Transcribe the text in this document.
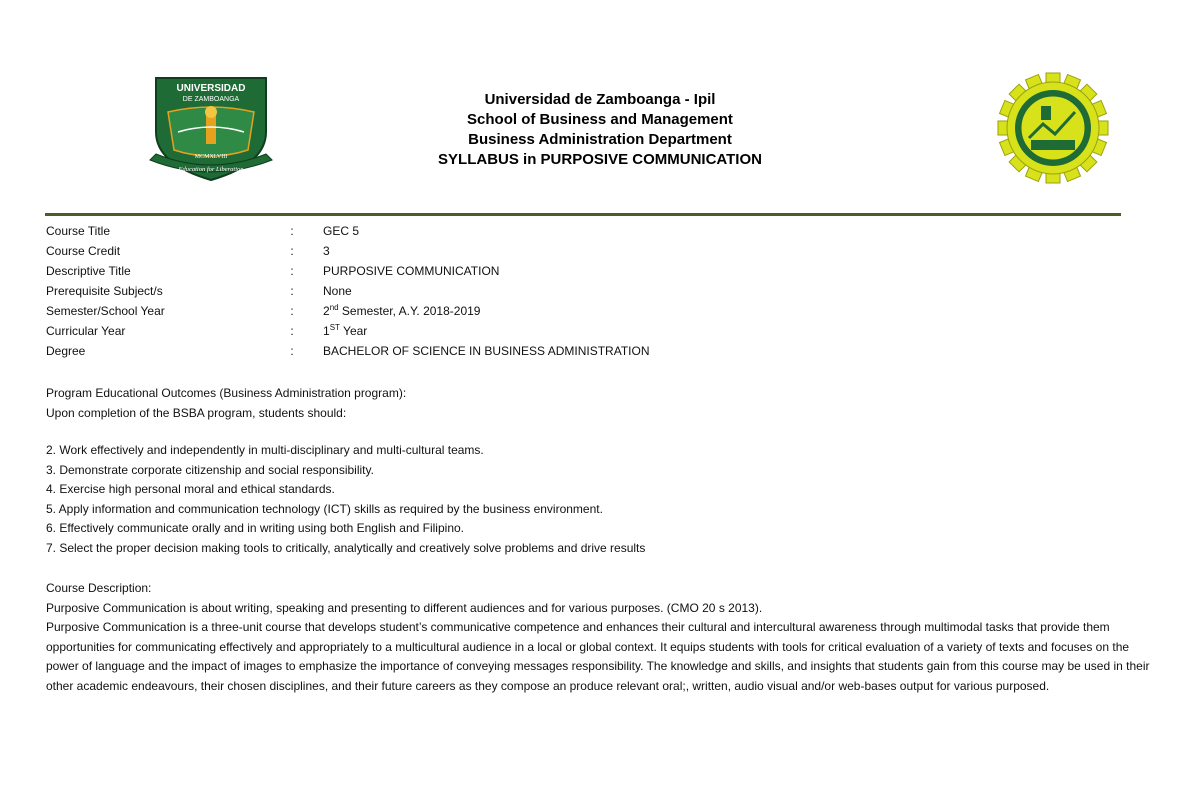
UNIVERSIDAD
DE ZAMBOANGA
MCMXLVIII
Education for Liberation
Universidad de Zamboanga - Ipil
School of Business and Management
Business Administration Department
SYLLABUS in PURPOSIVE COMMUNICATION
Course Title	:	GEC 5
Course Credit	:	3
Descriptive Title	:	PURPOSIVE COMMUNICATION
Prerequisite Subject/s	:	None
Semester/School Year	:	2nd Semester, A.Y. 2018-2019
Curricular Year	:	1ST Year
Degree	:	BACHELOR OF SCIENCE IN BUSINESS ADMINISTRATION
Program Educational Outcomes (Business Administration program):
Upon completion of the BSBA program, students should:
2. Work effectively and independently in multi-disciplinary and multi-cultural teams.
3. Demonstrate corporate citizenship and social responsibility.
4. Exercise high personal moral and ethical standards.
5. Apply information and communication technology (ICT) skills as required by the business environment.
6. Effectively communicate orally and in writing using both English and Filipino.
7. Select the proper decision making tools to critically, analytically and creatively solve problems and drive results

Course Description:

Purposive Communication is about writing, speaking and presenting to different audiences and for various purposes. (CMO 20 s 2013).

Purposive Communication is a three-unit course that develops student’s communicative competence and enhances their cultural and intercultural awareness through multimodal tasks that provide them opportunities for communicating effectively and appropriately to a multicultural audience in a local or global context. It equips students with tools for critical evaluation of a variety of texts and focuses on the power of language and the impact of images to emphasize the importance of conveying messages responsibility. The knowledge and skills, and insights that students gain from this course may be used in their other academic endeavours, their chosen disciplines, and their future careers as they compose an produce relevant oral;, written, audio visual and/or web-bases output for various purposed.
